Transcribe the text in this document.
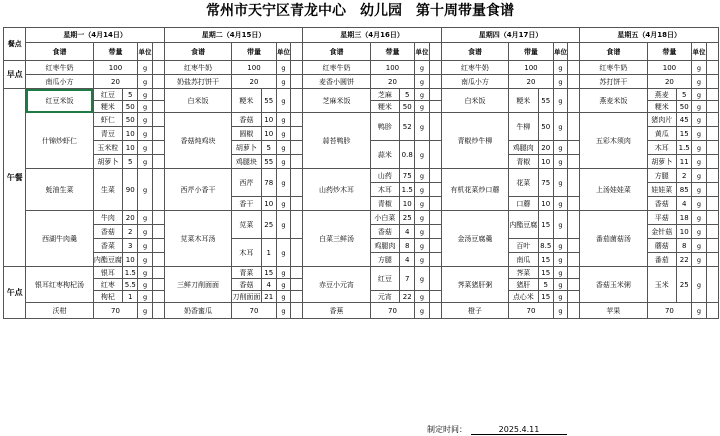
常州市天宁区青龙中心　幼儿园　第十周带量食谱
餐点	星期一（4月14日）					星期二（4月15日）					星期三（4月16日）					星期四（4月17日）					星期五（4月18日）				
	食谱	带量		单位		食谱	带量		单位		食谱	带量		单位		食谱	带量		单位		食谱	带量		单位	
早点	红枣牛奶	100		g		红枣牛奶	100		g		红枣牛奶	100		g		红枣牛奶	100		g		红枣牛奶	100		g	
	南瓜小方	20		g		奶盐苏打饼干	20		g		麦香小圆饼	20		g		南瓜小方	20		g		苏打饼干	20		g	
午餐	红豆米饭	红豆	5	g		白米饭	粳米	55	g		芝麻米饭	芝麻	5	g		白米饭	粳米	55	g		燕麦米饭	燕麦	5	g	
		粳米	50	g								粳米	50	g								粳米	50	g	
	什锦炒虾仁	虾仁	50	g		香菇炖鸡块	香菇	10	g		蒜苔鸭胗	鸭胗	52	g		青椒炒牛柳	牛柳	50	g		五彩木须肉	猪肉片	45	g	
		青豆	10	g			圆椒	10	g													黄瓜	15	g	
		玉米粒	10	g			胡萝卜	5	g			蒜米	0.8	g			鸡腿肉	20	g			木耳	1.5	g	
		胡萝卜	5	g			鸡腿块	55	g								青椒	10	g			胡萝卜	11	g	
	蚝油生菜	生菜	90	g		西芹小香干	西芹	78	g		山药炒木耳	山药	75	g		有机花菜炒口蘑	花菜	75	g		上汤娃娃菜	方腿	2	g	
												木耳	1.5	g								娃娃菜	85	g	
							香干	10	g			青椒	10	g			口蘑	10	g			香菇	4	g	
	西湖牛肉羹	牛肉	20	g		苋菜木耳汤	苋菜	25	g		白菜三鲜汤	小白菜	25	g		金汤豆腐羹	内酯豆腐	15	g		番茄菌菇汤	平菇	18	g	
		香菇	2	g								香菇	4	g								金针菇	10	g	
		香菜	3	g			木耳	1	g			鸡腿肉	8	g			百叶	8.5	g			蘑菇	8	g	
		内酯豆腐	10	g								方腿	4	g			南瓜	15	g			番茄	22	g	
午点	银耳红枣枸杞汤	银耳	1.5	g		三鲜刀削面面	青菜	15	g		赤豆小元宵	红豆	7	g		荠菜猪肝粥	荠菜	15	g		香菇玉米粥	玉米	25	g	
		红枣	5.5	g			香菇	4	g								猪肝	5	g						
		枸杞	1	g			刀削面面	21	g			元宵	22	g			点心米	15	g						
	沃柑	70		g		奶香蜜瓜	70		g		香蕉	70		g		橙子	70		g		苹果	70		g	
制定时间：	2025.4.11
